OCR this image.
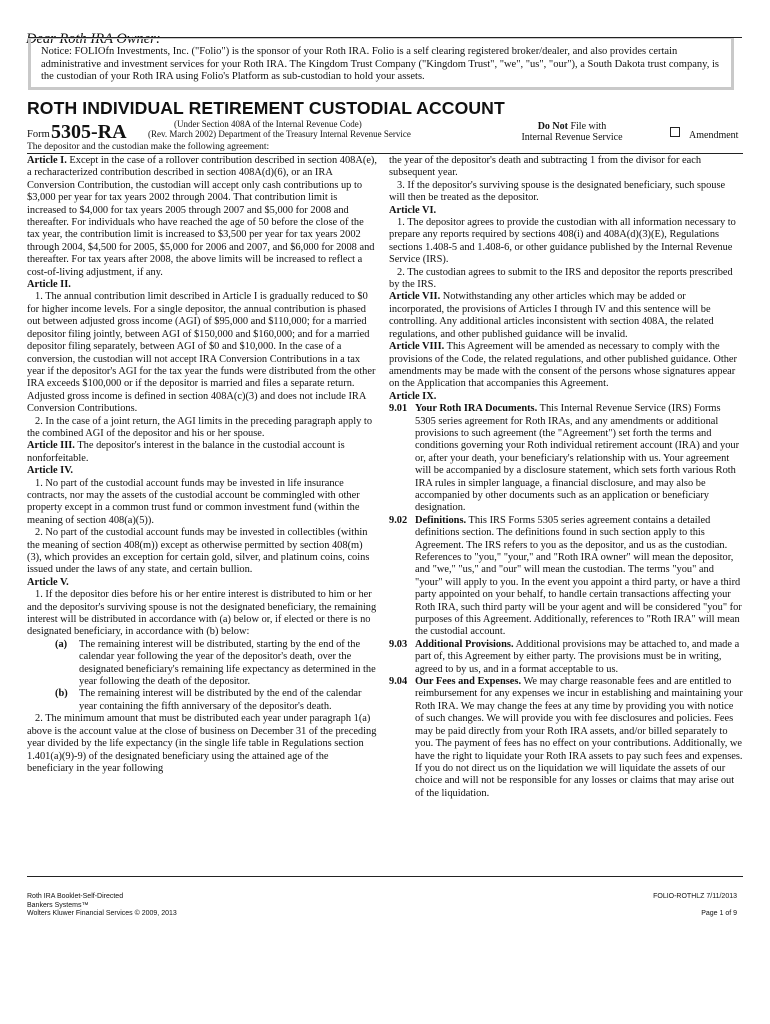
Dear Roth IRA Owner:
Notice: FOLIOfn Investments, Inc. ("Folio") is the sponsor of your Roth IRA. Folio is a self clearing registered broker/dealer, and also provides certain administrative and investment services for your Roth IRA. The Kingdom Trust Company ("Kingdom Trust", "we", "us", "our"), a South Dakota trust company, is the custodian of your Roth IRA using Folio's Platform as sub-custodian to hold your assets.
ROTH INDIVIDUAL RETIREMENT CUSTODIAL ACCOUNT
Form 5305-RA	(Under Section 408A of the Internal Revenue Code)
(Rev. March 2002) Department of the Treasury Internal Revenue Service
Do Not File with
Internal Revenue Service	Amendment
The depositor and the custodian make the following agreement:

Article I. Except in the case of a rollover contribution described in section 408A(e), a recharacterized contribution described in section 408A(d)(6), or an IRA Conversion Contribution, the custodian will accept only cash contributions up to $3,000 per year for tax years 2002 through 2004. That contribution limit is increased to $4,000 for tax years 2005 through 2007 and $5,000 for 2008 and thereafter. For individuals who have reached the age of 50 before the close of the tax year, the contribution limit is increased to $3,500 per year for tax years 2002 through 2004, $4,500 for 2005, $5,000 for 2006 and 2007, and $6,000 for 2008 and thereafter. For tax years after 2008, the above limits will be increased to reflect a cost-of-living adjustment, if any.

Article II.

1. The annual contribution limit described in Article I is gradually reduced to $0 for higher income levels. For a single depositor, the annual contribution is phased out between adjusted gross income (AGI) of $95,000 and $110,000; for a married depositor filing jointly, between AGI of $150,000 and $160,000; and for a married depositor filing separately, between AGI of $0 and $10,000. In the case of a conversion, the custodian will not accept IRA Conversion Contributions in a tax year if the depositor's AGI for the tax year the funds were distributed from the other IRA exceeds $100,000 or if the depositor is married and files a separate return. Adjusted gross income is defined in section 408A(c)(3) and does not include IRA Conversion Contributions.

2. In the case of a joint return, the AGI limits in the preceding paragraph apply to the combined AGI of the depositor and his or her spouse.

Article III. The depositor's interest in the balance in the custodial account is nonforfeitable.

Article IV.

1. No part of the custodial account funds may be invested in life insurance contracts, nor may the assets of the custodial account be commingled with other property except in a common trust fund or common investment fund (within the meaning of section 408(a)(5)).

2. No part of the custodial account funds may be invested in collectibles (within the meaning of section 408(m)) except as otherwise permitted by section 408(m)(3), which provides an exception for certain gold, silver, and platinum coins, coins issued under the laws of any state, and certain bullion.

Article V.

1. If the depositor dies before his or her entire interest is distributed to him or her and the depositor's surviving spouse is not the designated beneficiary, the remaining interest will be distributed in accordance with (a) below or, if elected or there is no designated beneficiary, in accordance with (b) below:

(a)	The remaining interest will be distributed, starting by the end of the calendar year following the year of the depositor's death, over the designated beneficiary's remaining life expectancy as determined in the year following the death of the depositor.
(b)	The remaining interest will be distributed by the end of the calendar year containing the fifth anniversary of the depositor's death.

2. The minimum amount that must be distributed each year under paragraph 1(a) above is the account value at the close of business on December 31 of the preceding year divided by the life expectancy (in the single life table in Regulations section 1.401(a)(9)-9) of the designated beneficiary using the attained age of the beneficiary in the year following

the year of the depositor's death and subtracting 1 from the divisor for each subsequent year.

3. If the depositor's surviving spouse is the designated beneficiary, such spouse will then be treated as the depositor.

Article VI.

1. The depositor agrees to provide the custodian with all information necessary to prepare any reports required by sections 408(i) and 408A(d)(3)(E), Regulations sections 1.408-5 and 1.408-6, or other guidance published by the Internal Revenue Service (IRS).

2. The custodian agrees to submit to the IRS and depositor the reports prescribed by the IRS.

Article VII. Notwithstanding any other articles which may be added or incorporated, the provisions of Articles I through IV and this sentence will be controlling. Any additional articles inconsistent with section 408A, the related regulations, and other published guidance will be invalid.

Article VIII. This Agreement will be amended as necessary to comply with the provisions of the Code, the related regulations, and other published guidance. Other amendments may be made with the consent of the persons whose signatures appear on the Application that accompanies this Agreement.

Article IX.

9.01 Your Roth IRA Documents. This Internal Revenue Service (IRS) Forms 5305 series agreement for Roth IRAs, and any amendments or additional provisions to such agreement (the "Agreement") set forth the terms and conditions governing your Roth individual retirement account (IRA) and your or, after your death, your beneficiary's relationship with us. Your agreement will be accompanied by a disclosure statement, which sets forth various Roth IRA rules in simpler language, a financial disclosure, and may also be accompanied by other documents such as an application or beneficiary designation.
9.02 Definitions. This IRS Forms 5305 series agreement contains a detailed definitions section. The definitions found in such section apply to this Agreement. The IRS refers to you as the depositor, and us as the custodian. References to "you," "your," and "Roth IRA owner" will mean the depositor, and "we," "us," and "our" will mean the custodian. The terms "you" and "your" will apply to you. In the event you appoint a third party, or have a third party appointed on your behalf, to handle certain transactions affecting your Roth IRA, such third party will be your agent and will be considered "you" for purposes of this Agreement. Additionally, references to "Roth IRA" will mean the custodial account.
9.03 Additional Provisions. Additional provisions may be attached to, and made a part of, this Agreement by either party. The provisions must be in writing, agreed to by us, and in a format acceptable to us.
9.04 Our Fees and Expenses. We may charge reasonable fees and are entitled to reimbursement for any expenses we incur in establishing and maintaining your Roth IRA. We may change the fees at any time by providing you with notice of such changes. We will provide you with fee disclosures and policies. Fees may be paid directly from your Roth IRA assets, and/or billed separately to you. The payment of fees has no effect on your contributions. Additionally, we have the right to liquidate your Roth IRA assets to pay such fees and expenses. If you do not direct us on the liquidation we will liquidate the assets of our choice and will not be responsible for any losses or claims that may arise out of the liquidation.
Roth IRA Booklet-Self-Directed
Bankers Systems™
Wolters Kluwer Financial Services © 2009, 2013
FOLIO-ROTHLZ 7/11/2013
Page 1 of 9
